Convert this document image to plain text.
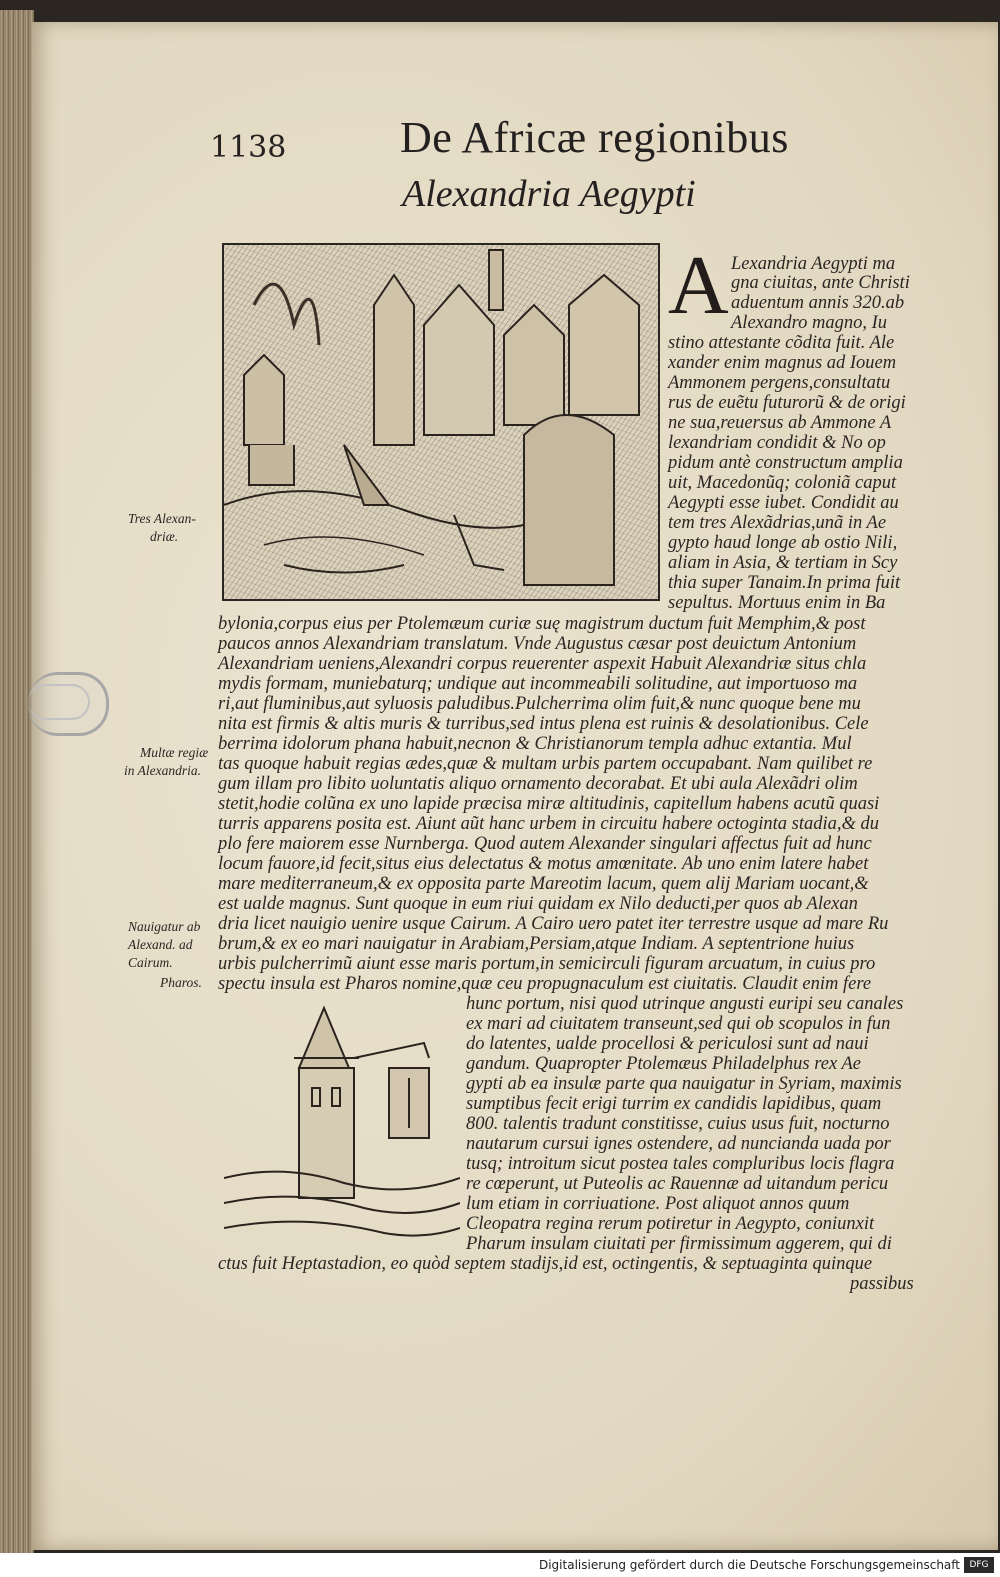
1138	De Africæ regionibus
Alexandria Aegypti
A Lexandria Aegypti ma
gna ciuitas, ante Christi
aduentum annis 320.ab
Alexandro magno, Iu
stino attestante cõdita fuit. Ale
xander enim magnus ad Iouem
Ammonem pergens,consultatu
rus de euẽtu futurorũ & de origi
ne sua,reuersus ab Ammone A
lexandriam condidit & No op
pidum antè constructum amplia
uit, Macedonũq; coloniã caput
Aegypti esse iubet. Condidit au
tem tres Alexãdrias,unã in Ae
gypto haud longe ab ostio Nili,
aliam in Asia, & tertiam in Scy
thia super Tanaim.In prima fuit
sepultus. Mortuus enim in Ba
bylonia,corpus eius per Ptolemæum curiæ suę magistrum ductum fuit Memphim,& post
paucos annos Alexandriam translatum. Vnde Augustus cæsar post deuictum Antonium
Alexandriam ueniens,Alexandri corpus reuerenter aspexit Habuit Alexandriæ situs chla
mydis formam, muniebaturq; undique aut incommeabili solitudine, aut importuoso ma
ri,aut fluminibus,aut syluosis paludibus.Pulcherrima olim fuit,& nunc quoque bene mu
nita est firmis & altis muris & turribus,sed intus plena est ruinis & desolationibus. Cele
berrima idolorum phana habuit,necnon & Christianorum templa adhuc extantia. Mul
tas quoque habuit regias ædes,quæ & multam urbis partem occupabant. Nam quilibet re
gum illam pro libito uoluntatis aliquo ornamento decorabat. Et ubi aula Alexãdri olim
stetit,hodie colũna ex uno lapide præcisa miræ altitudinis, capitellum habens acutũ quasi
turris apparens posita est. Aiunt aũt hanc urbem in circuitu habere octoginta stadia,& du
plo fere maiorem esse Nurnberga. Quod autem Alexander singulari affectus fuit ad hunc
locum fauore,id fecit,situs eius delectatus & motus amœnitate. Ab uno enim latere habet
mare mediterraneum,& ex opposita parte Mareotim lacum, quem alij Mariam uocant,&
est ualde magnus. Sunt quoque in eum riui quidam ex Nilo deducti,per quos ab Alexan
dria licet nauigio uenire usque Cairum. A Cairo uero patet iter terrestre usque ad mare Ru
brum,& ex eo mari nauigatur in Arabiam,Persiam,atque Indiam. A septentrione huius
urbis pulcherrimũ aiunt esse maris portum,in semicirculi figuram arcuatum, in cuius pro
spectu insula est Pharos nomine,quæ ceu propugnaculum est ciuitatis. Claudit enim fere
hunc portum, nisi quod utrinque angusti euripi seu canales
ex mari ad ciuitatem transeunt,sed qui ob scopulos in fun
do latentes, ualde procellosi & periculosi sunt ad naui
gandum. Quapropter Ptolemæus Philadelphus rex Ae
gypti ab ea insulæ parte qua nauigatur in Syriam, maximis
sumptibus fecit erigi turrim ex candidis lapidibus, quam
800. talentis tradunt constitisse, cuius usus fuit, nocturno
nautarum cursui ignes ostendere, ad nunciandа uada por
tusq; introitum sicut postea tales compluribus locis flagra
re cœperunt, ut Puteolis ac Rauennæ ad uitandum pericu
lum etiam in corriuatione. Post aliquot annos quum
Cleopatra regina rerum potiretur in Aegypto, coniunxit
Pharum insulam ciuitati per firmissimum aggerem, qui di
ctus fuit Heptastadion, eo quòd septem stadijs,id est, octingentis, & septuaginta quinque
passibus
Tres Alexan-
driæ.
Multæ regiæ
in Alexandria.
Nauigatur ab
Alexand. ad
Cairum.
Pharos.
Digitalisierung gefördert durch die Deutsche Forschungsgemeinschaft	DFG
